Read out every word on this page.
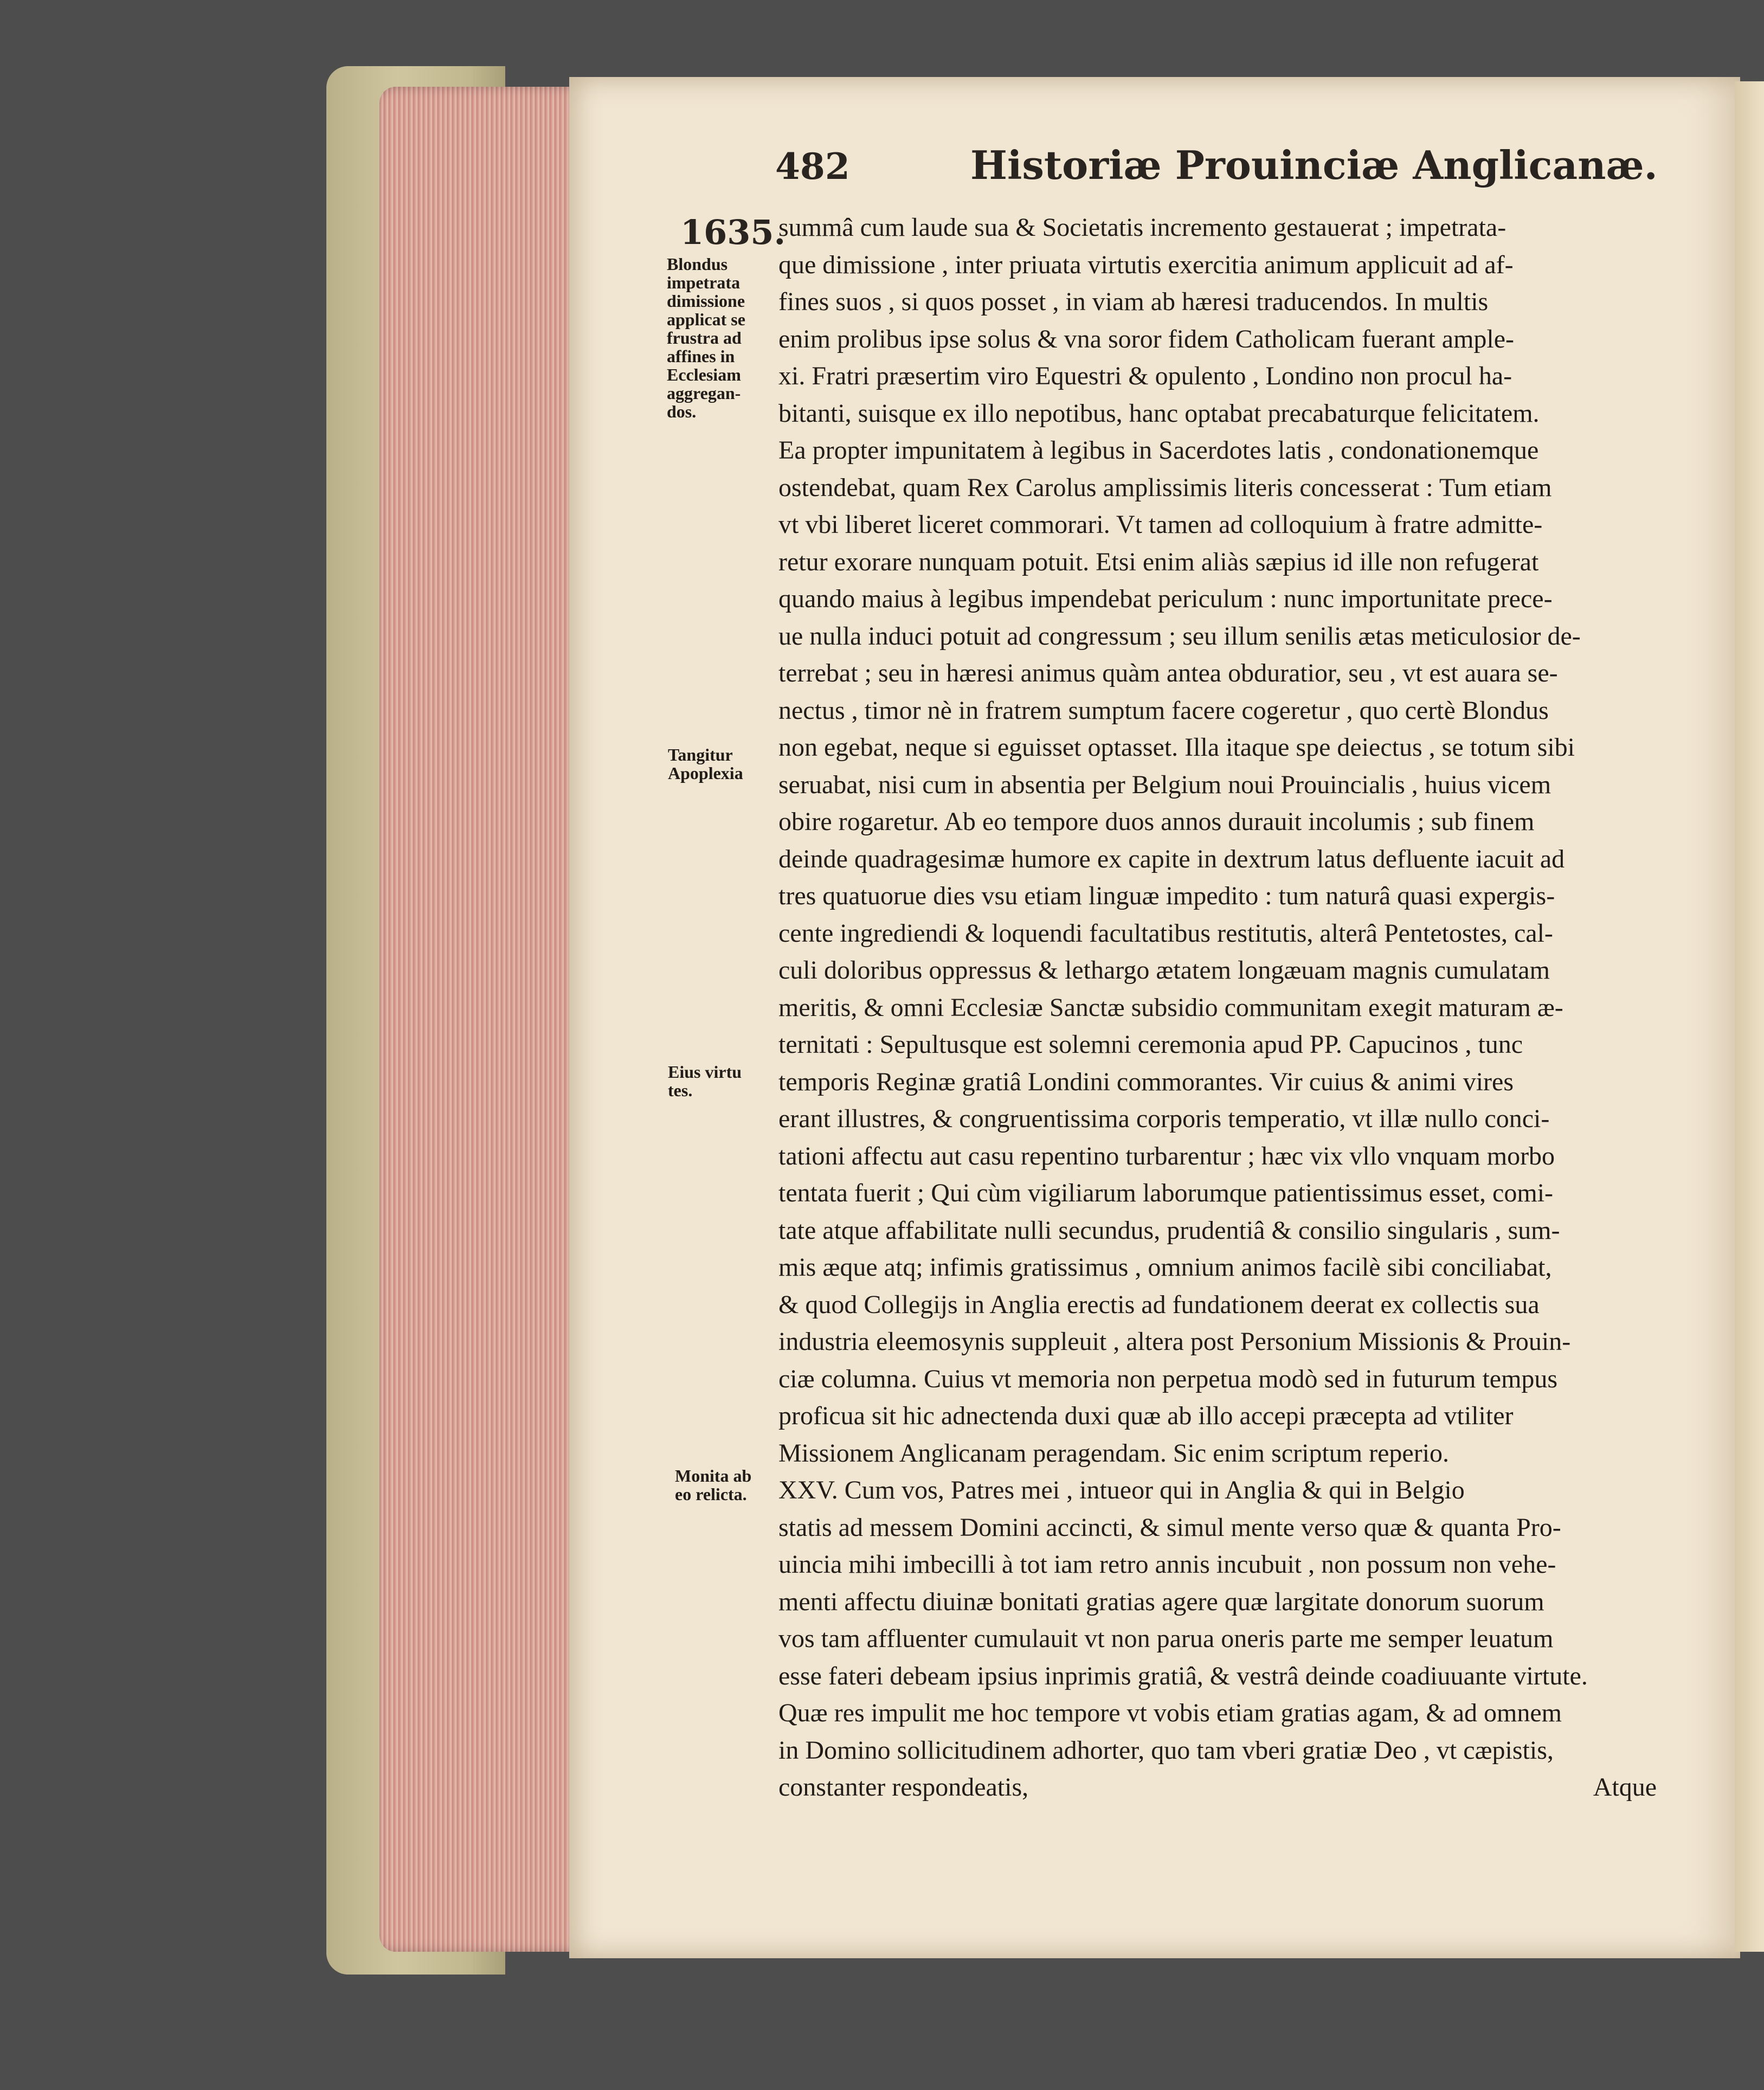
482	Historiæ Prouinciæ Anglicanæ.
1635.
Blondus
impetrata
dimissione
applicat se
frustra ad
affines in
Ecclesiam
aggregan-
dos.
Tangitur
Apoplexia
Eius virtu
tes.
Monita ab
eo relicta.
summâ cum laude sua & Societatis incremento gestauerat ; impetrata-
que dimissione , inter priuata virtutis exercitia animum applicuit ad af-
fines suos , si quos posset , in viam ab hæresi traducendos. In multis
enim prolibus ipse solus & vna soror fidem Catholicam fuerant ample-
xi. Fratri præsertim viro Equestri & opulento , Londino non procul ha-
bitanti, suisque ex illo nepotibus, hanc optabat precabaturque felicitatem.
Ea propter impunitatem à legibus in Sacerdotes latis , condonationemque
ostendebat, quam Rex Carolus amplissimis literis concesserat : Tum etiam
vt vbi liberet liceret commorari. Vt tamen ad colloquium à fratre admitte-
retur exorare nunquam potuit. Etsi enim aliàs sæpius id ille non refugerat
quando maius à legibus impendebat periculum : nunc importunitate prece-
ue nulla induci potuit ad congressum ; seu illum senilis ætas meticulosior de-
terrebat ; seu in hæresi animus quàm antea obduratior, seu , vt est auara se-
nectus , timor nè in fratrem sumptum facere cogeretur , quo certè Blondus
non egebat, neque si eguisset optasset. Illa itaque spe deiectus , se totum sibi
seruabat, nisi cum in absentia per Belgium noui Prouincialis , huius vicem
obire rogaretur. Ab eo tempore duos annos durauit incolumis ; sub finem
deinde quadragesimæ humore ex capite in dextrum latus defluente iacuit ad
tres quatuorue dies vsu etiam linguæ impedito : tum naturâ quasi expergis-
cente ingrediendi & loquendi facultatibus restitutis, alterâ Pentetostes, cal-
culi doloribus oppressus & lethargo ætatem longæuam magnis cumulatam
meritis, & omni Ecclesiæ Sanctæ subsidio communitam exegit maturam æ-
ternitati : Sepultusque est solemni ceremonia apud PP. Capucinos , tunc
temporis Reginæ gratiâ Londini commorantes. Vir cuius & animi vires
erant illustres, & congruentissima corporis temperatio, vt illæ nullo conci-
tationi affectu aut casu repentino turbarentur ; hæc vix vllo vnquam morbo
tentata fuerit ; Qui cùm vigiliarum laborumque patientissimus esset, comi-
tate atque affabilitate nulli secundus, prudentiâ & consilio singularis , sum-
mis æque atq; infimis gratissimus , omnium animos facilè sibi conciliabat,
& quod Collegijs in Anglia erectis ad fundationem deerat ex collectis sua
industria eleemosynis suppleuit , altera post Personium Missionis & Prouin-
ciæ columna. Cuius vt memoria non perpetua modò sed in futurum tempus
proficua sit hic adnectenda duxi quæ ab illo accepi præcepta ad vtiliter
Missionem Anglicanam peragendam. Sic enim scriptum reperio.
XXV. Cum vos, Patres mei , intueor qui in Anglia & qui in Belgio
statis ad messem Domini accincti, & simul mente verso quæ & quanta Pro-
uincia mihi imbecilli à tot iam retro annis incubuit , non possum non vehe-
menti affectu diuinæ bonitati gratias agere quæ largitate donorum suorum
vos tam affluenter cumulauit vt non parua oneris parte me semper leuatum
esse fateri debeam ipsius inprimis gratiâ, & vestrâ deinde coadiuuante virtute.
Quæ res impulit me hoc tempore vt vobis etiam gratias agam, & ad omnem
in Domino sollicitudinem adhorter, quo tam vberi gratiæ Deo , vt cæpistis,
constanter respondeatis,	Atque
